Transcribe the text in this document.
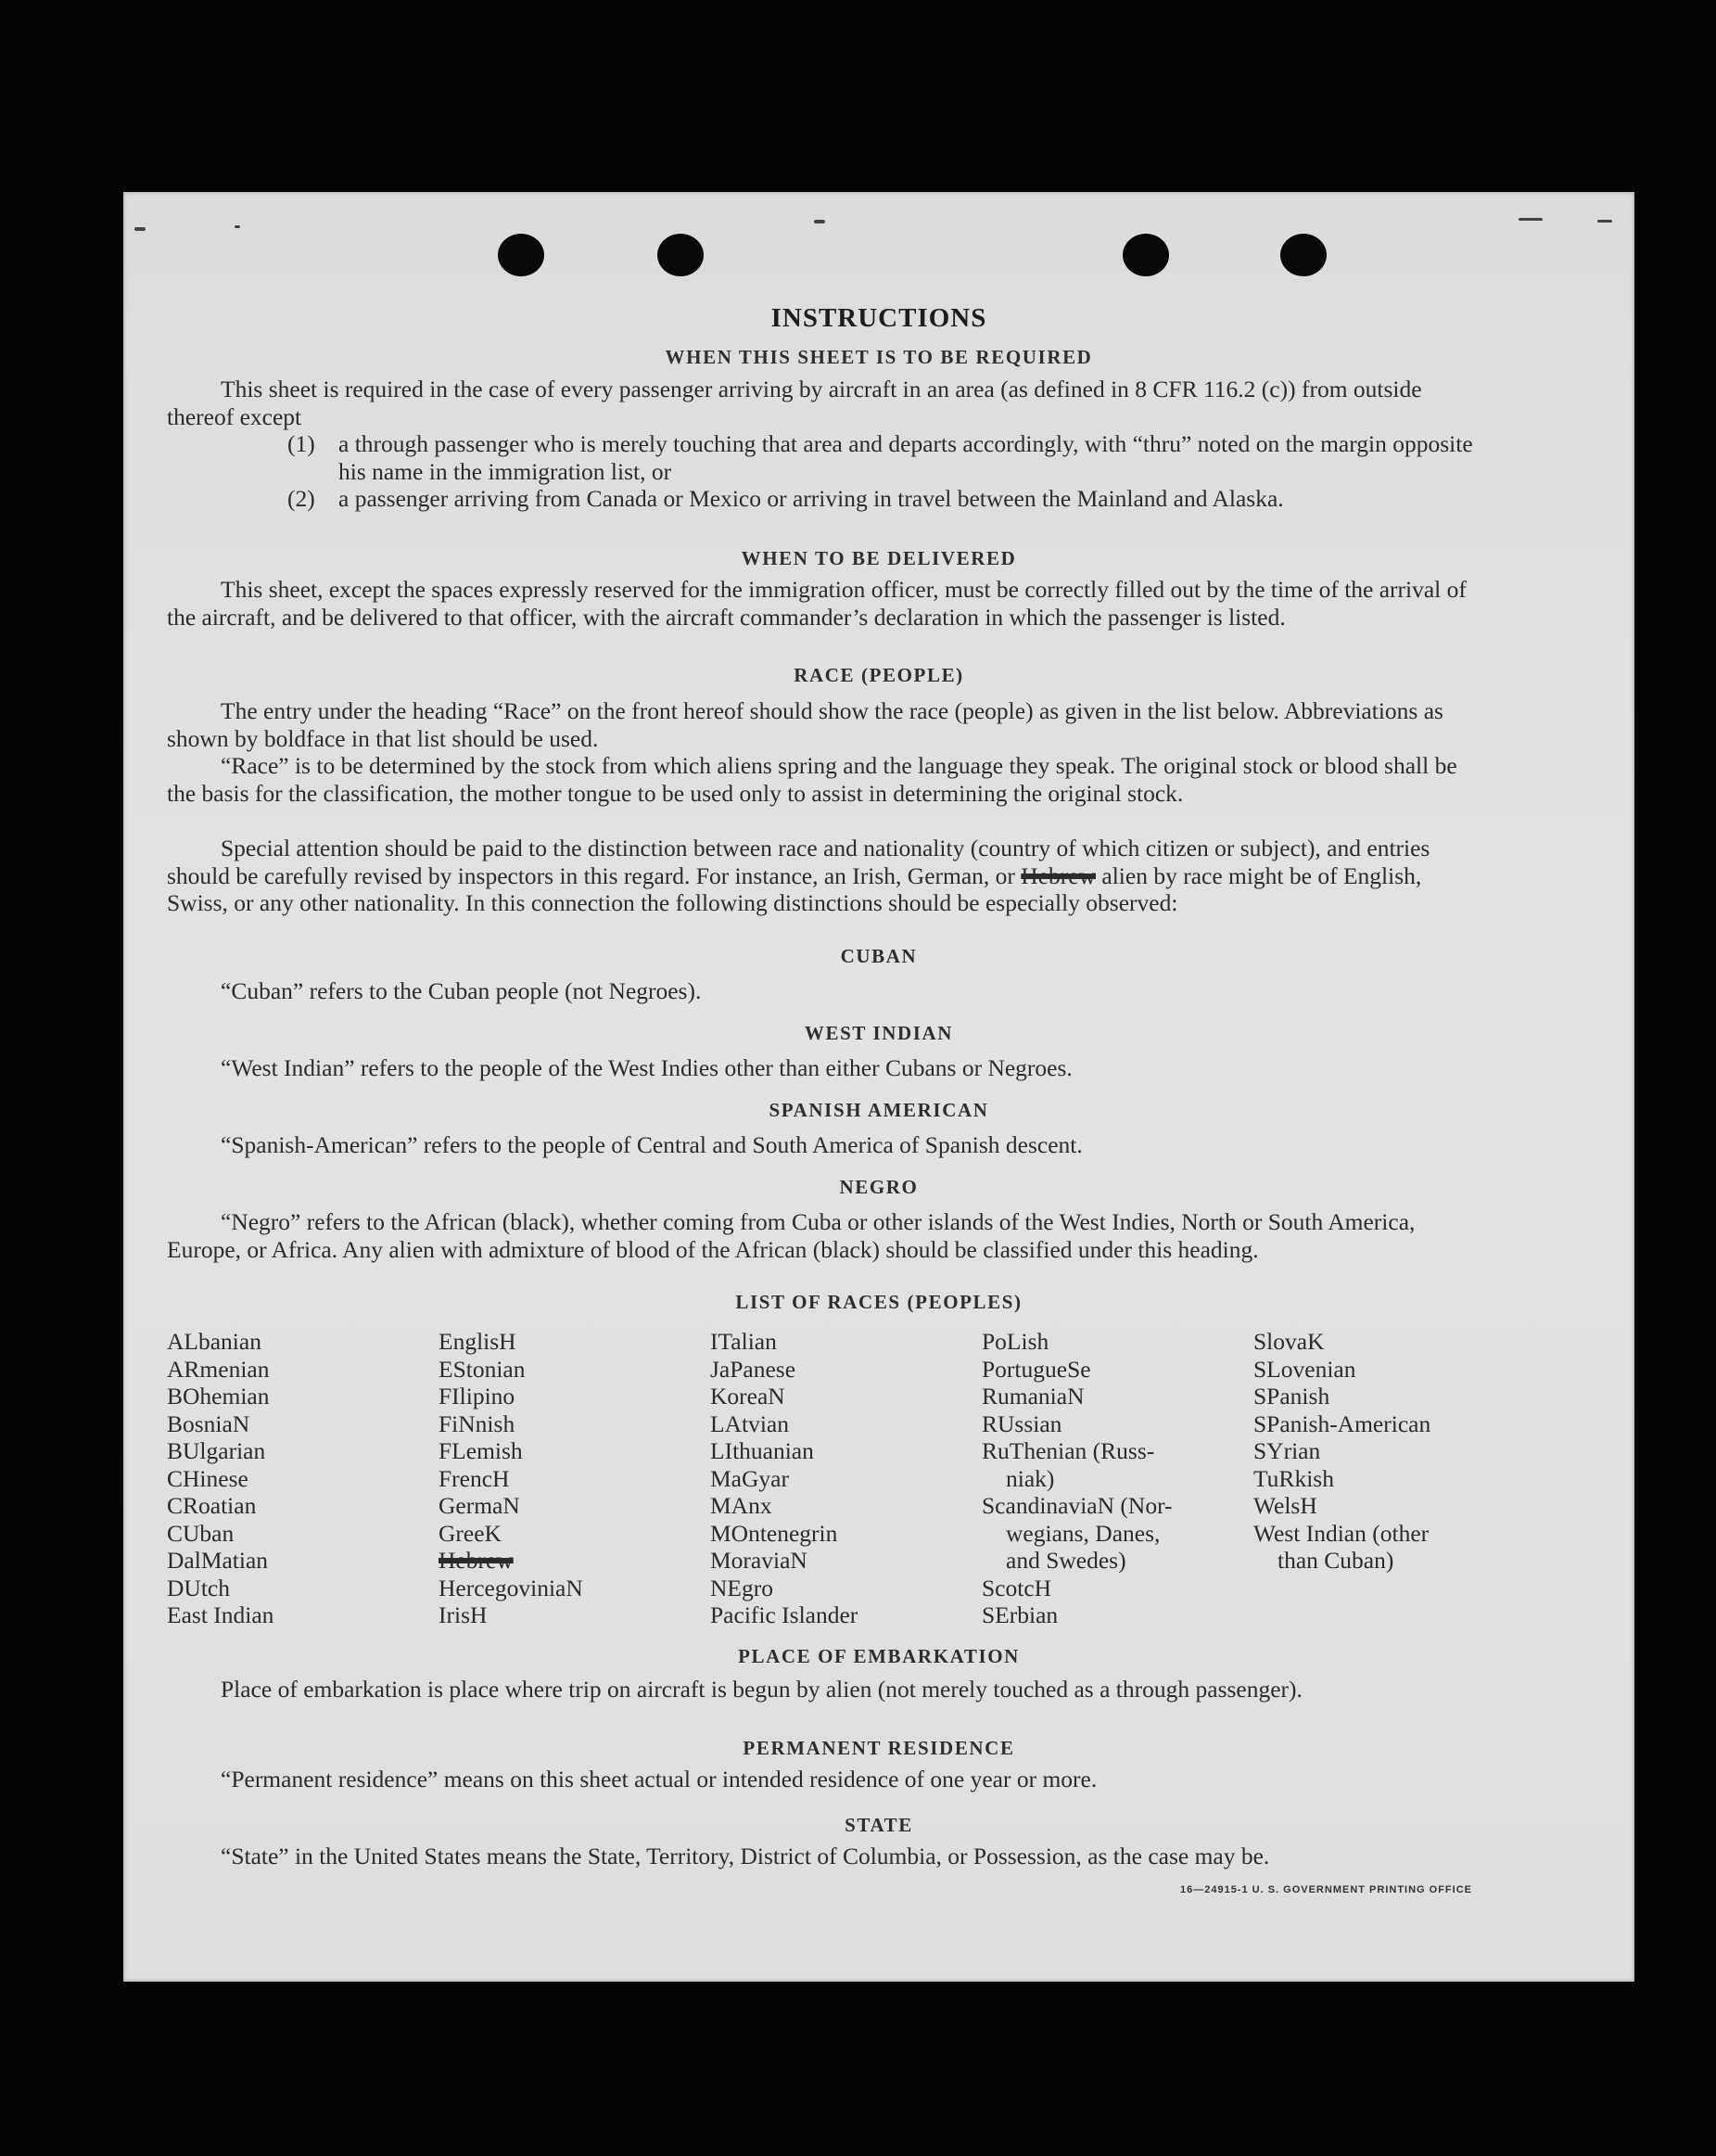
INSTRUCTIONS
WHEN THIS SHEET IS TO BE REQUIRED
This sheet is required in the case of every passenger arriving by aircraft in an area (as defined in 8 CFR 116.2 (c)) from outside thereof except
(1) a through passenger who is merely touching that area and departs accordingly, with “thru” noted on the margin opposite his name in the immigration list, or
(2) a passenger arriving from Canada or Mexico or arriving in travel between the Mainland and Alaska.
WHEN TO BE DELIVERED
This sheet, except the spaces expressly reserved for the immigration officer, must be correctly filled out by the time of the arrival of the aircraft, and be delivered to that officer, with the aircraft commander’s declaration in which the passenger is listed.
RACE (PEOPLE)
The entry under the heading “Race” on the front hereof should show the race (people) as given in the list below. Abbreviations as shown by boldface in that list should be used.
“Race” is to be determined by the stock from which aliens spring and the language they speak. The original stock or blood shall be the basis for the classification, the mother tongue to be used only to assist in determining the original stock.
Special attention should be paid to the distinction between race and nationality (country of which citizen or subject), and entries should be carefully revised by inspectors in this regard. For instance, an Irish, German, or Hebrew alien by race might be of English, Swiss, or any other nationality. In this connection the following distinctions should be especially observed:
CUBAN
“Cuban” refers to the Cuban people (not Negroes).
WEST INDIAN
“West Indian” refers to the people of the West Indies other than either Cubans or Negroes.
SPANISH AMERICAN
“Spanish-American” refers to the people of Central and South America of Spanish descent.
NEGRO
“Negro” refers to the African (black), whether coming from Cuba or other islands of the West Indies, North or South America, Europe, or Africa. Any alien with admixture of blood of the African (black) should be classified under this heading.
LIST OF RACES (PEOPLES)
ALbanian
ARmenian
BOhemian
BosniaN
BUlgarian
CHinese
CRoatian
CUban
DalMatian
DUtch
East Indian
EnglisH
EStonian
FIlipino
FiNnish
FLemish
FrencH
GermaN
GreeK
Hebrew
HercegoviniaN
IrisH
ITalian
JaPanese
KoreaN
LAtvian
LIthuanian
MaGyar
MAnx
MOntenegrin
MoraviaN
NEgro
Pacific Islander
PoLish
PortugueSe
RumaniaN
RUssian
RuThenian (Russ-
niak)
ScandinaviaN (Nor-
wegians, Danes,
and Swedes)
ScotcH
SErbian
SlovaK
SLovenian
SPanish
SPanish-American
SYrian
TuRkish
WelsH
West Indian (other
than Cuban)
PLACE OF EMBARKATION
Place of embarkation is place where trip on aircraft is begun by alien (not merely touched as a through passenger).
PERMANENT RESIDENCE
“Permanent residence” means on this sheet actual or intended residence of one year or more.
STATE
“State” in the United States means the State, Territory, District of Columbia, or Possession, as the case may be.
16—24915-1 U. S. GOVERNMENT PRINTING OFFICE
